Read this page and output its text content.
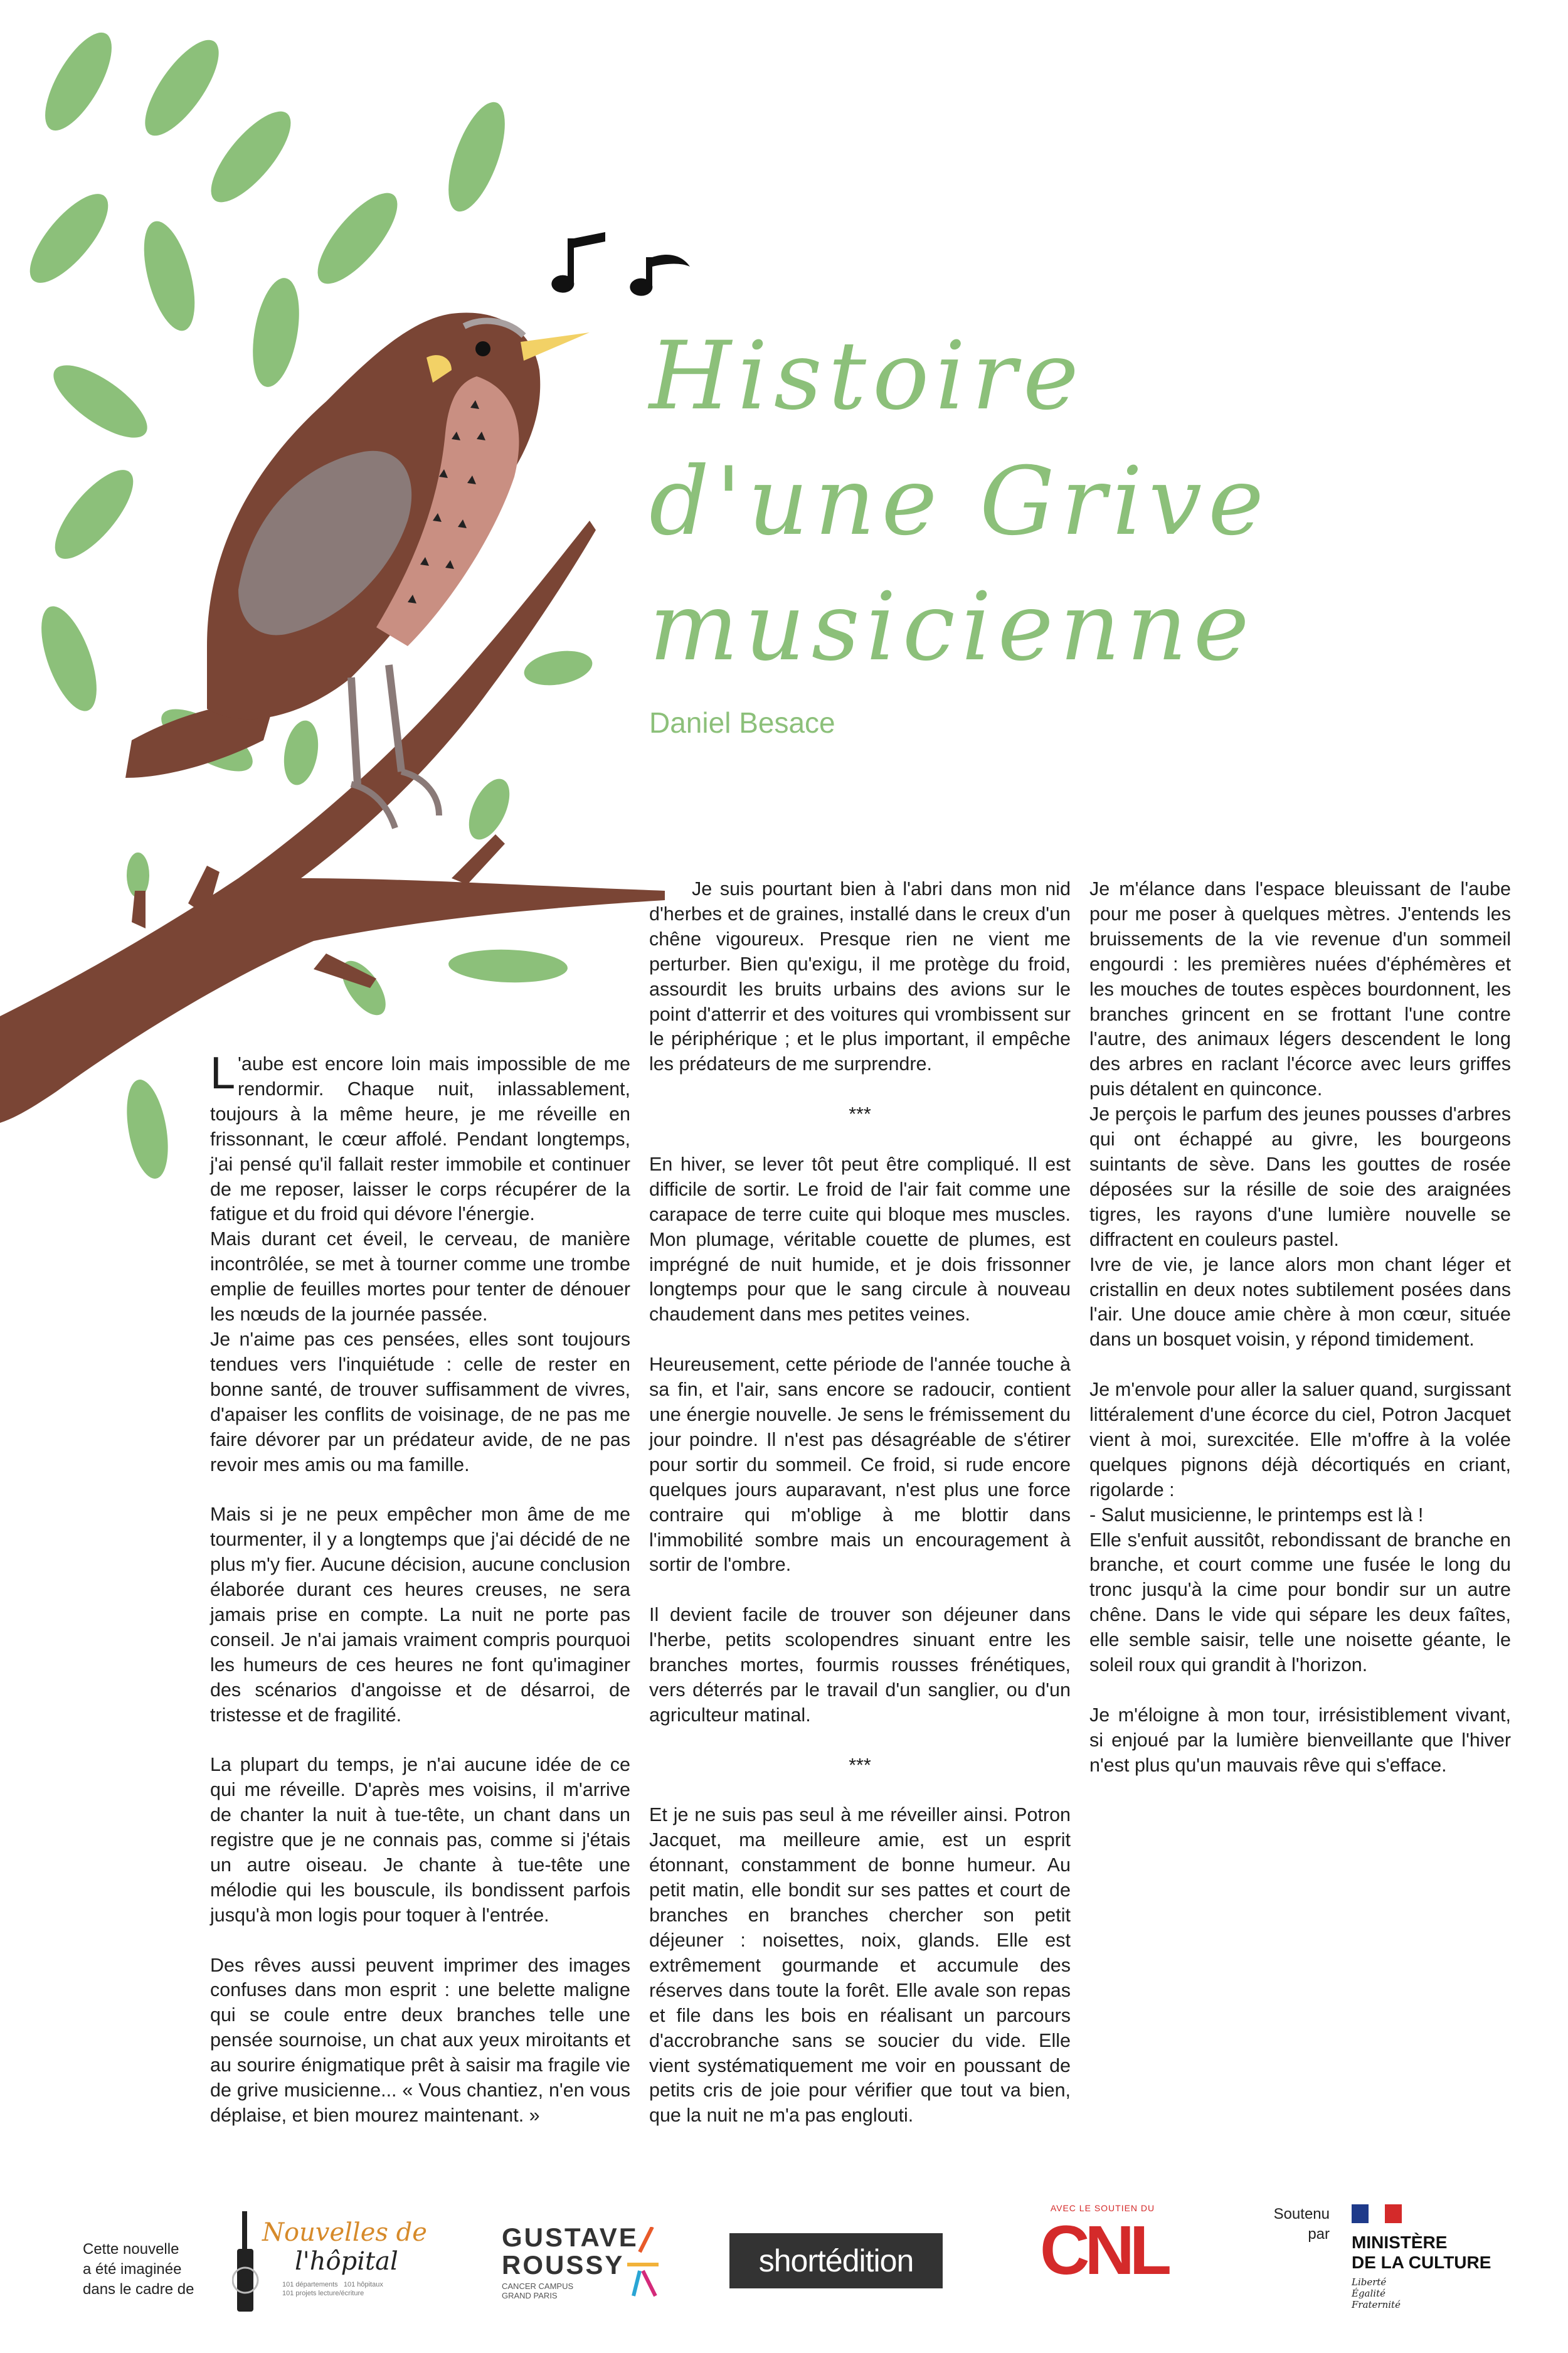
Histoire
d'une Grive
musicienne
Daniel Besace

L 'aube est encore loin mais impossible de me rendormir. Chaque nuit, inlassablement, toujours à la même heure, je me réveille en frissonnant, le cœur affolé. Pendant longtemps, j'ai pensé qu'il fallait rester immobile et continuer de me reposer, laisser le corps récupérer de la fatigue et du froid qui dévore l'énergie.

Mais durant cet éveil, le cerveau, de manière incontrôlée, se met à tourner comme une trombe emplie de feuilles mortes pour tenter de dénouer les nœuds de la journée passée.

Je n'aime pas ces pensées, elles sont toujours tendues vers l'inquiétude : celle de rester en bonne santé, de trouver suffisamment de vivres, d'apaiser les conflits de voisinage, de ne pas me faire dévorer par un prédateur avide, de ne pas revoir mes amis ou ma famille.

Mais si je ne peux empêcher mon âme de me tourmenter, il y a longtemps que j'ai décidé de ne plus m'y fier. Aucune décision, aucune conclusion élaborée durant ces heures creuses, ne sera jamais prise en compte. La nuit ne porte pas conseil. Je n'ai jamais vraiment compris pourquoi les humeurs de ces heures ne font qu'imaginer des scénarios d'angoisse et de désarroi, de tristesse et de fragilité.

La plupart du temps, je n'ai aucune idée de ce qui me réveille. D'après mes voisins, il m'arrive de chanter la nuit à tue-tête, un chant dans un registre que je ne connais pas, comme si j'étais un autre oiseau. Je chante à tue-tête une mélodie qui les bouscule, ils bondissent parfois jusqu'à mon logis pour toquer à l'entrée.

Des rêves aussi peuvent imprimer des images confuses dans mon esprit : une belette maligne qui se coule entre deux branches telle une pensée sournoise, un chat aux yeux miroitants et au sourire énigmatique prêt à saisir ma fragile vie de grive musicienne... « Vous chantiez, n'en vous déplaise, et bien mourez maintenant. »

Je suis pourtant bien à l'abri dans mon nid d'herbes et de graines, installé dans le creux d'un chêne vigoureux. Presque rien ne vient me perturber. Bien qu'exigu, il me protège du froid, assourdit les bruits urbains des avions sur le point d'atterrir et des voitures qui vrombissent sur le périphérique ; et le plus important, il empêche les prédateurs de me surprendre.

***

En hiver, se lever tôt peut être compliqué. Il est difficile de sortir. Le froid de l'air fait comme une carapace de terre cuite qui bloque mes muscles. Mon plumage, véritable couette de plumes, est imprégné de nuit humide, et je dois frissonner longtemps pour que le sang circule à nouveau chaudement dans mes petites veines.

Heureusement, cette période de l'année touche à sa fin, et l'air, sans encore se radoucir, contient une énergie nouvelle. Je sens le frémissement du jour poindre. Il n'est pas désagréable de s'étirer pour sortir du sommeil. Ce froid, si rude encore quelques jours auparavant, n'est plus une force contraire qui m'oblige à me blottir dans l'immobilité sombre mais un encouragement à sortir de l'ombre.

Il devient facile de trouver son déjeuner dans l'herbe, petits scolopendres sinuant entre les branches mortes, fourmis rousses frénétiques, vers déterrés par le travail d'un sanglier, ou d'un agriculteur matinal.

***

Et je ne suis pas seul à me réveiller ainsi. Potron Jacquet, ma meilleure amie, est un esprit étonnant, constamment de bonne humeur. Au petit matin, elle bondit sur ses pattes et court de branches en branches chercher son petit déjeuner : noisettes, noix, glands. Elle est extrêmement gourmande et accumule des réserves dans toute la forêt. Elle avale son repas et file dans les bois en réalisant un parcours d'accrobranche sans se soucier du vide. Elle vient systématiquement me voir en poussant de petits cris de joie pour vérifier que tout va bien, que la nuit ne m'a pas englouti.

Je m'élance dans l'espace bleuissant de l'aube pour me poser à quelques mètres. J'entends les bruissements de la vie revenue d'un sommeil engourdi : les premières nuées d'éphémères et les mouches de toutes espèces bourdonnent, les branches grincent en se frottant l'une contre l'autre, des animaux légers descendent le long des arbres en raclant l'écorce avec leurs griffes puis détalent en quinconce.

Je perçois le parfum des jeunes pousses d'arbres qui ont échappé au givre, les bourgeons suintants de sève. Dans les gouttes de rosée déposées sur la résille de soie des araignées tigres, les rayons d'une lumière nouvelle se diffractent en couleurs pastel.

Ivre de vie, je lance alors mon chant léger et cristallin en deux notes subtilement posées dans l'air. Une douce amie chère à mon cœur, située dans un bosquet voisin, y répond timidement.

Je m'envole pour aller la saluer quand, surgissant littéralement d'une écorce du ciel, Potron Jacquet vient à moi, surexcitée. Elle m'offre à la volée quelques pignons déjà décortiqués en criant, rigolarde :

- Salut musicienne, le printemps est là !

Elle s'enfuit aussitôt, rebondissant de branche en branche, et court comme une fusée le long du tronc jusqu'à la cime pour bondir sur un autre chêne. Dans le vide qui sépare les deux faîtes, elle semble saisir, telle une noisette géante, le soleil roux qui grandit à l'horizon.

Je m'éloigne à mon tour, irrésistiblement vivant, si enjoué par la lumière bienveillante que l'hiver n'est plus qu'un mauvais rêve qui s'efface.

Cette nouvelle
a été imaginée
dans le cadre de
Nouvelles de
l'hôpital
101 départements 101 hôpitaux
101 projets lecture/écriture
GUSTAVE
ROUSSY
CANCER CAMPUS
GRAND PARIS
shortédition
AVEC LE SOUTIEN DU
CNL	Soutenu
par MINISTÈRE
DE LA CULTURE
Liberté
Égalité
Fraternité
